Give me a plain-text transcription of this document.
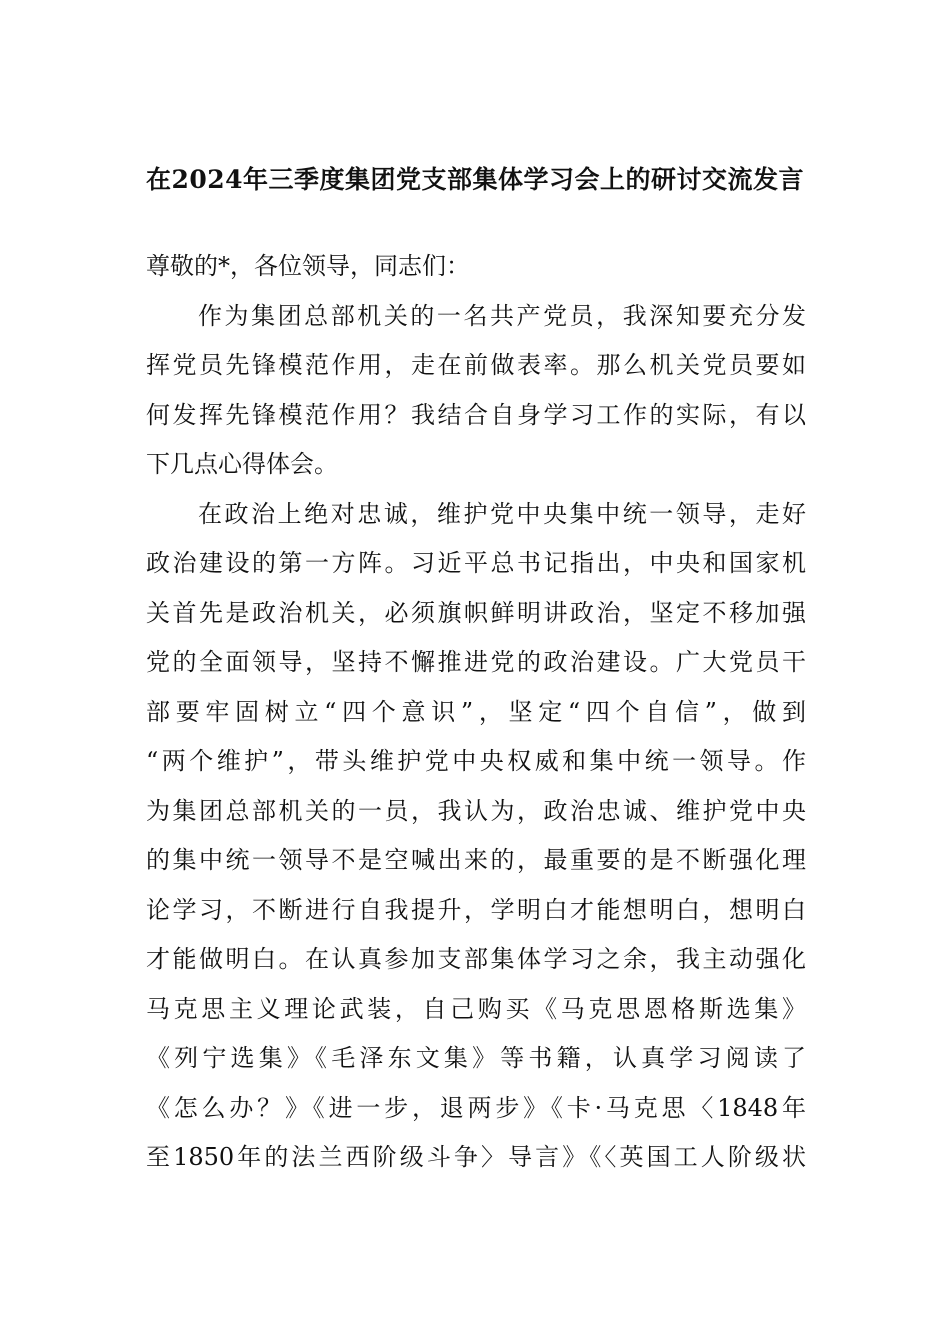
在2024年三季度集团党支部集体学习会上的研讨交流发言
尊敬的*，各位领导，同志们：
作为集团总部机关的一名共产党员，我深知要充分发
挥党员先锋模范作用，走在前做表率。那么机关党员要如
何发挥先锋模范作用？我结合自身学习工作的实际，有以
下几点心得体会。
在政治上绝对忠诚，维护党中央集中统一领导，走好
政治建设的第一方阵。习近平总书记指出，中央和国家机
关首先是政治机关，必须旗帜鲜明讲政治，坚定不移加强
党的全面领导，坚持不懈推进党的政治建设。广大党员干
部要牢固树立“四个意识”，坚定“四个自信”，做到
“两个维护”，带头维护党中央权威和集中统一领导。作
为集团总部机关的一员，我认为，政治忠诚、维护党中央
的集中统一领导不是空喊出来的，最重要的是不断强化理
论学习，不断进行自我提升，学明白才能想明白，想明白
才能做明白。在认真参加支部集体学习之余，我主动强化
马克思主义理论武装，自己购买《马克思恩格斯选集》
《列宁选集》《毛泽东文集》等书籍，认真学习阅读了
《怎么办？》《进一步，退两步》《卡·马克思〈1848年
至1850年的法兰西阶级斗争〉导言》《〈英国工人阶级状
